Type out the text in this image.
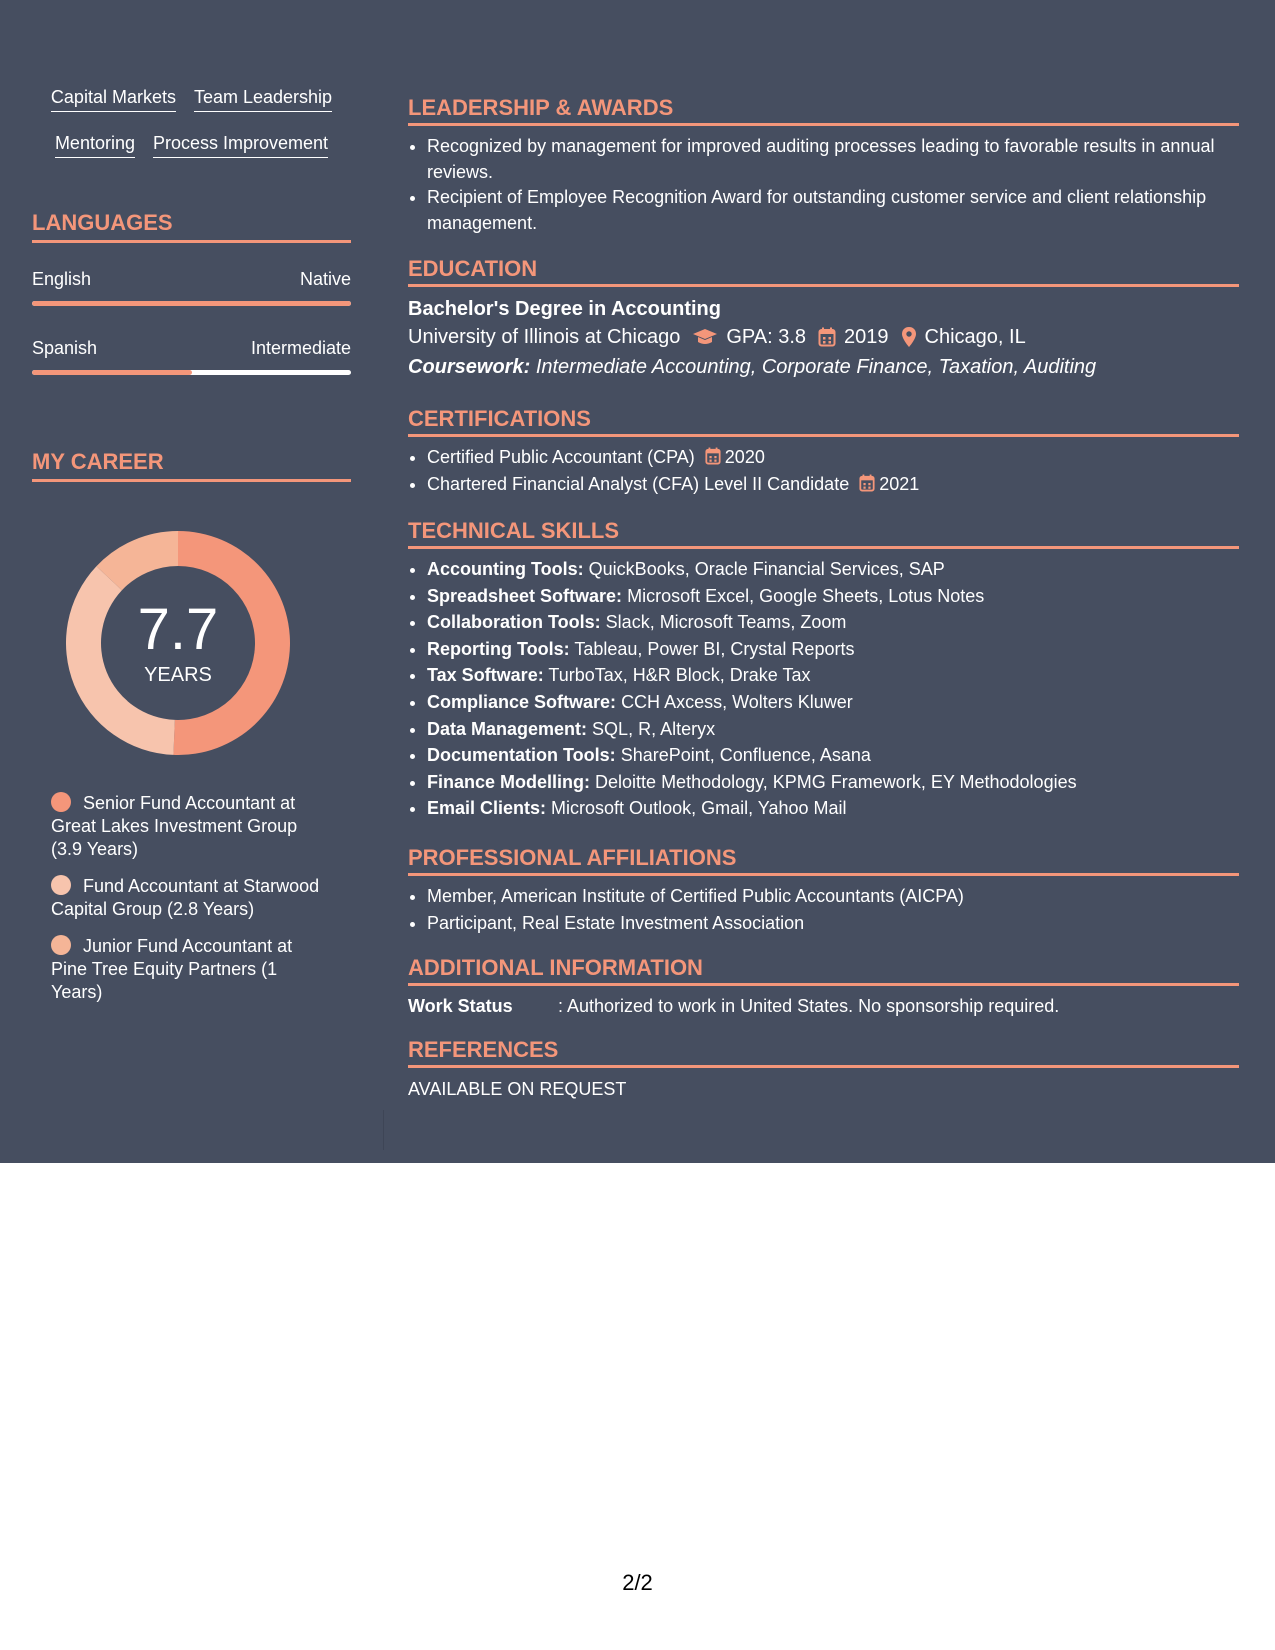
Capital Markets Team Leadership
Mentoring Process Improvement
LANGUAGES
English	Native
Spanish	Intermediate
MY CAREER
7.7
YEARS
Senior Fund Accountant at Great Lakes Investment Group (3.9 Years)
Fund Accountant at Starwood Capital Group (2.8 Years)
Junior Fund Accountant at Pine Tree Equity Partners (1 Years)
LEADERSHIP & AWARDS
• Recognized by management for improved auditing processes leading to favorable results in annual reviews.
• Recipient of Employee Recognition Award for outstanding customer service and client relationship management.
EDUCATION
Bachelor's Degree in Accounting
University of Illinois at Chicago GPA: 3.8 2019 Chicago, IL
Coursework: Intermediate Accounting, Corporate Finance, Taxation, Auditing
CERTIFICATIONS
• Certified Public Accountant (CPA) 2020
• Chartered Financial Analyst (CFA) Level II Candidate 2021
TECHNICAL SKILLS
• Accounting Tools: QuickBooks, Oracle Financial Services, SAP
• Spreadsheet Software: Microsoft Excel, Google Sheets, Lotus Notes
• Collaboration Tools: Slack, Microsoft Teams, Zoom
• Reporting Tools: Tableau, Power BI, Crystal Reports
• Tax Software: TurboTax, H&R Block, Drake Tax
• Compliance Software: CCH Axcess, Wolters Kluwer
• Data Management: SQL, R, Alteryx
• Documentation Tools: SharePoint, Confluence, Asana
• Finance Modelling: Deloitte Methodology, KPMG Framework, EY Methodologies
• Email Clients: Microsoft Outlook, Gmail, Yahoo Mail
PROFESSIONAL AFFILIATIONS
• Member, American Institute of Certified Public Accountants (AICPA)
• Participant, Real Estate Investment Association
ADDITIONAL INFORMATION
Work Status	: Authorized to work in United States. No sponsorship required.
REFERENCES
AVAILABLE ON REQUEST
2/2
